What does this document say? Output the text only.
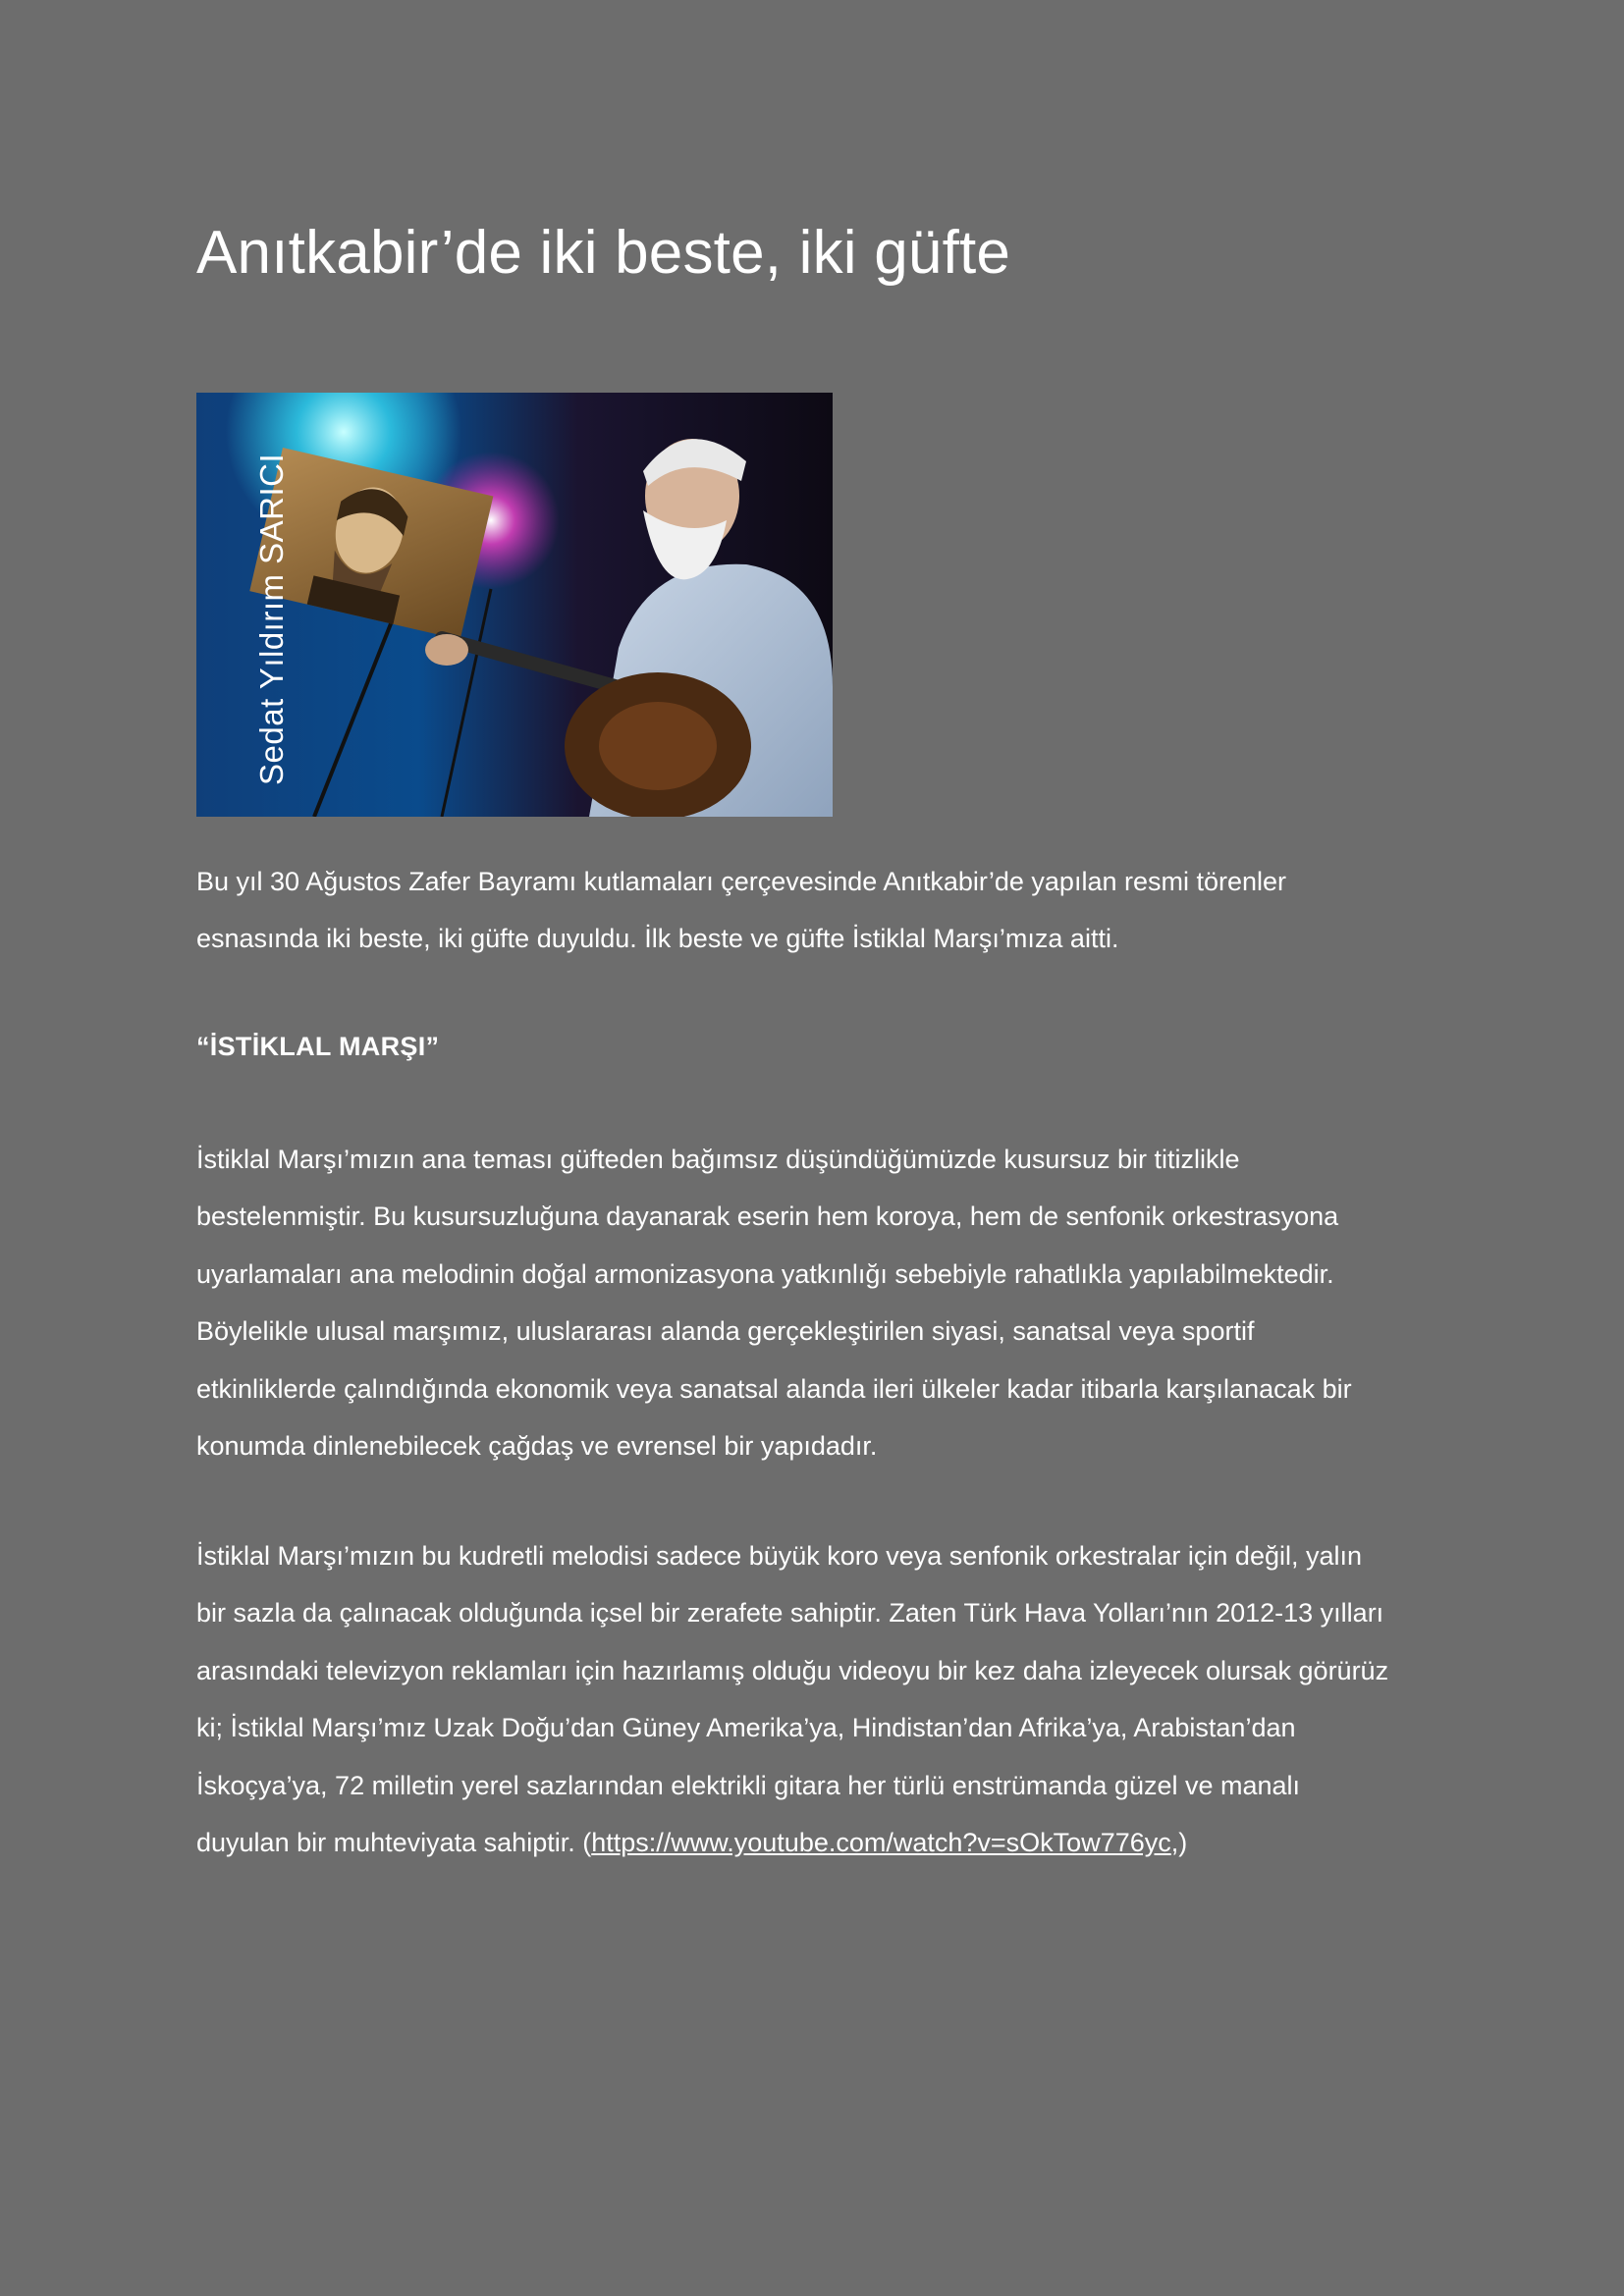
Anıtkabir’de iki beste, iki güfte
Sedat Yıldırım SARICI

Bu yıl 30 Ağustos Zafer Bayramı kutlamaları çerçevesinde Anıtkabir’de yapılan resmi törenler
esnasında iki beste, iki güfte duyuldu. İlk beste ve güfte İstiklal Marşı’mıza aitti.

“İSTİKLAL MARŞI”

İstiklal Marşı’mızın ana teması güfteden bağımsız düşündüğümüzde kusursuz bir titizlikle
bestelenmiştir. Bu kusursuzluğuna dayanarak eserin hem koroya, hem de senfonik orkestrasyona
uyarlamaları ana melodinin doğal armonizasyona yatkınlığı sebebiyle rahatlıkla yapılabilmektedir.
Böylelikle ulusal marşımız, uluslararası alanda gerçekleştirilen siyasi, sanatsal veya sportif
etkinliklerde çalındığında ekonomik veya sanatsal alanda ileri ülkeler kadar itibarla karşılanacak bir
konumda dinlenebilecek çağdaş ve evrensel bir yapıdadır.

İstiklal Marşı’mızın bu kudretli melodisi sadece büyük koro veya senfonik orkestralar için değil, yalın
bir sazla da çalınacak olduğunda içsel bir zerafete sahiptir. Zaten Türk Hava Yolları’nın 2012-13 yılları
arasındaki televizyon reklamları için hazırlamış olduğu videoyu bir kez daha izleyecek olursak görürüz
ki; İstiklal Marşı’mız Uzak Doğu’dan Güney Amerika’ya, Hindistan’dan Afrika’ya, Arabistan’dan
İskoçya’ya, 72 milletin yerel sazlarından elektrikli gitara her türlü enstrümanda güzel ve manalı
duyulan bir muhteviyata sahiptir. (https://www.youtube.com/watch?v=sOkTow776yc,)
